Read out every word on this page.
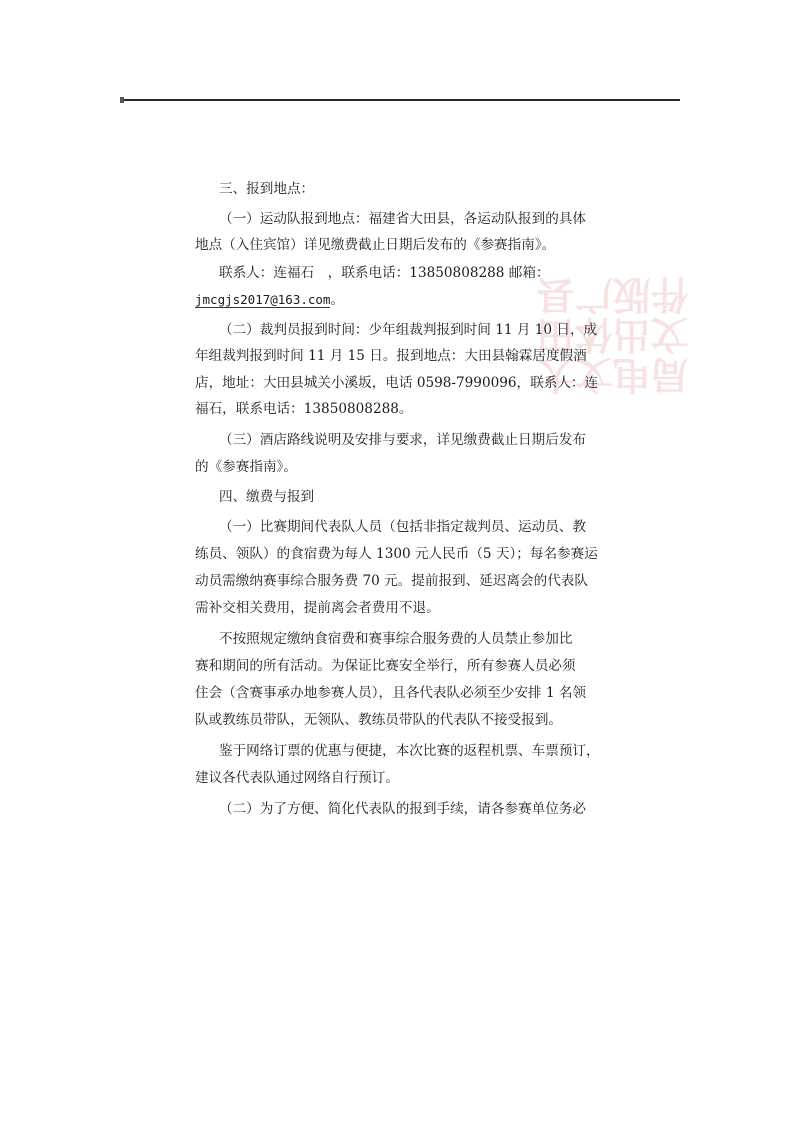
大田县文体广电出版局文件
三、报到地点：
（一）运动队报到地点：福建省大田县，各运动队报到的具体
地点（入住宾馆）详见缴费截止日期后发布的《参赛指南》。
联系人：连福石　，联系电话：13850808288 邮箱：
jmcgjs2017@163.com。
（二）裁判员报到时间：少年组裁判报到时间 11 月 10 日，成
年组裁判报到时间 11 月 15 日。报到地点：大田县翰霖居度假酒
店，地址：大田县城关小溪坂，电话 0598-7990096，联系人：连
福石，联系电话：13850808288。
（三）酒店路线说明及安排与要求，详见缴费截止日期后发布
的《参赛指南》。
四、缴费与报到
（一）比赛期间代表队人员（包括非指定裁判员、运动员、教
练员、领队）的食宿费为每人 1300 元人民币（5 天）；每名参赛运
动员需缴纳赛事综合服务费 70 元。提前报到、延迟离会的代表队
需补交相关费用，提前离会者费用不退。
不按照规定缴纳食宿费和赛事综合服务费的人员禁止参加比
赛和期间的所有活动。为保证比赛安全举行，所有参赛人员必须
住会（含赛事承办地参赛人员），且各代表队必须至少安排 1 名领
队或教练员带队，无领队、教练员带队的代表队不接受报到。
鉴于网络订票的优惠与便捷，本次比赛的返程机票、车票预订，
建议各代表队通过网络自行预订。
（二）为了方便、简化代表队的报到手续，请各参赛单位务必
